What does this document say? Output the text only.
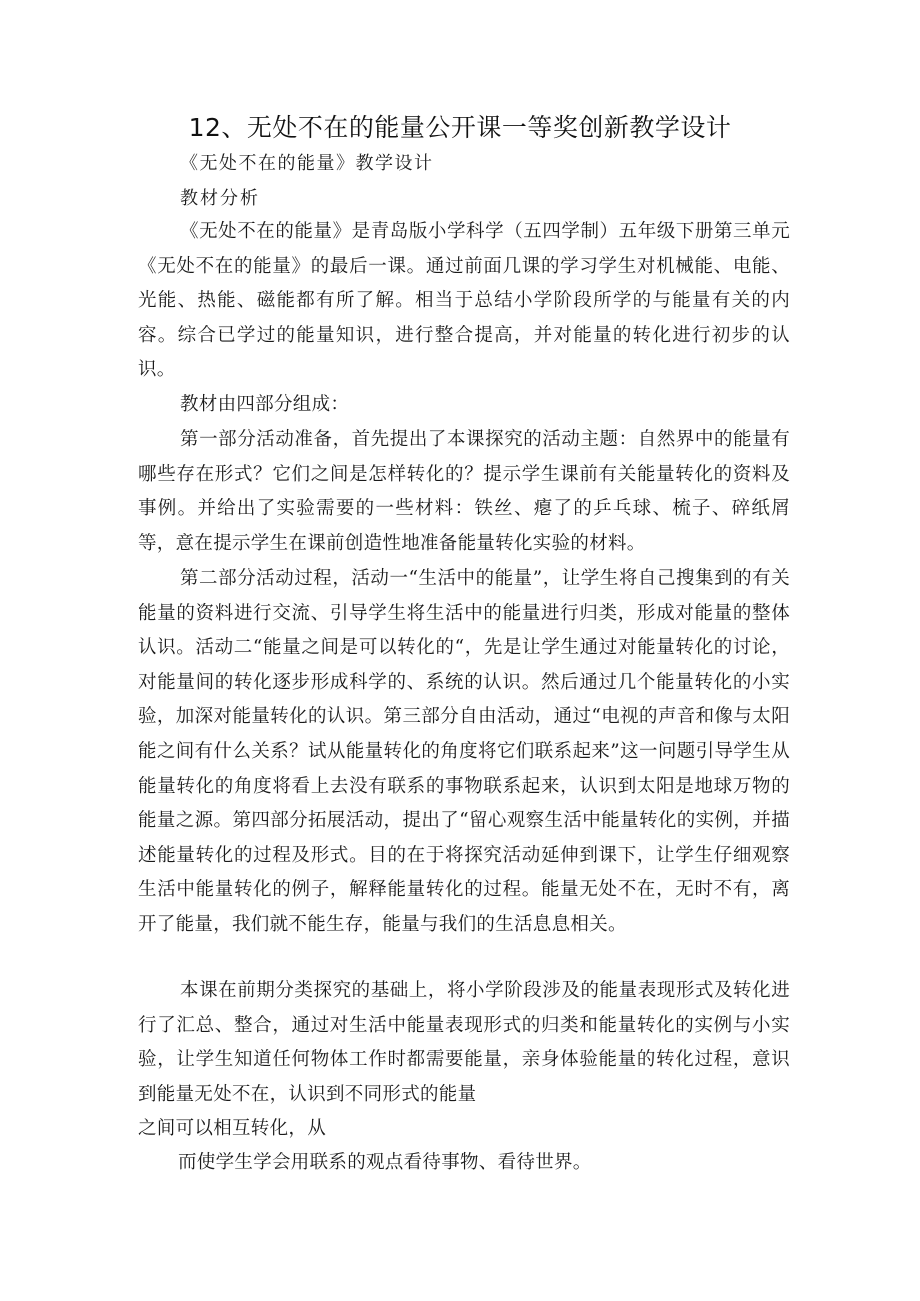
12、无处不在的能量公开课一等奖创新教学设计

《无处不在的能量》教学设计

教材分析

《无处不在的能量》是青岛版小学科学（五四学制）五年级下册第三单元《无处不在的能量》的最后一课。通过前面几课的学习学生对机械能、电能、光能、热能、磁能都有所了解。相当于总结小学阶段所学的与能量有关的内容。综合已学过的能量知识，进行整合提高，并对能量的转化进行初步的认识。

教材由四部分组成：

第一部分活动准备，首先提出了本课探究的活动主题：自然界中的能量有哪些存在形式？它们之间是怎样转化的？提示学生课前有关能量转化的资料及事例。并给出了实验需要的一些材料：铁丝、瘪了的乒乓球、梳子、碎纸屑等，意在提示学生在课前创造性地准备能量转化实验的材料。

第二部分活动过程，活动一“生活中的能量”，让学生将自己搜集到的有关能量的资料进行交流、引导学生将生活中的能量进行归类，形成对能量的整体认识。活动二“能量之间是可以转化的“，先是让学生通过对能量转化的讨论，对能量间的转化逐步形成科学的、系统的认识。然后通过几个能量转化的小实验，加深对能量转化的认识。第三部分自由活动，通过“电视的声音和像与太阳能之间有什么关系？试从能量转化的角度将它们联系起来”这一问题引导学生从能量转化的角度将看上去没有联系的事物联系起来，认识到太阳是地球万物的能量之源。第四部分拓展活动，提出了“留心观察生活中能量转化的实例，并描述能量转化的过程及形式。目的在于将探究活动延伸到课下，让学生仔细观察生活中能量转化的例子，解释能量转化的过程。能量无处不在，无时不有，离开了能量，我们就不能生存，能量与我们的生活息息相关。

本课在前期分类探究的基础上，将小学阶段涉及的能量表现形式及转化进行了汇总、整合，通过对生活中能量表现形式的归类和能量转化的实例与小实验，让学生知道任何物体工作时都需要能量，亲身体验能量的转化过程，意识到能量无处不在，认识到不同形式的能量

之间可以相互转化，从

而使学生学会用联系的观点看待事物、看待世界。
